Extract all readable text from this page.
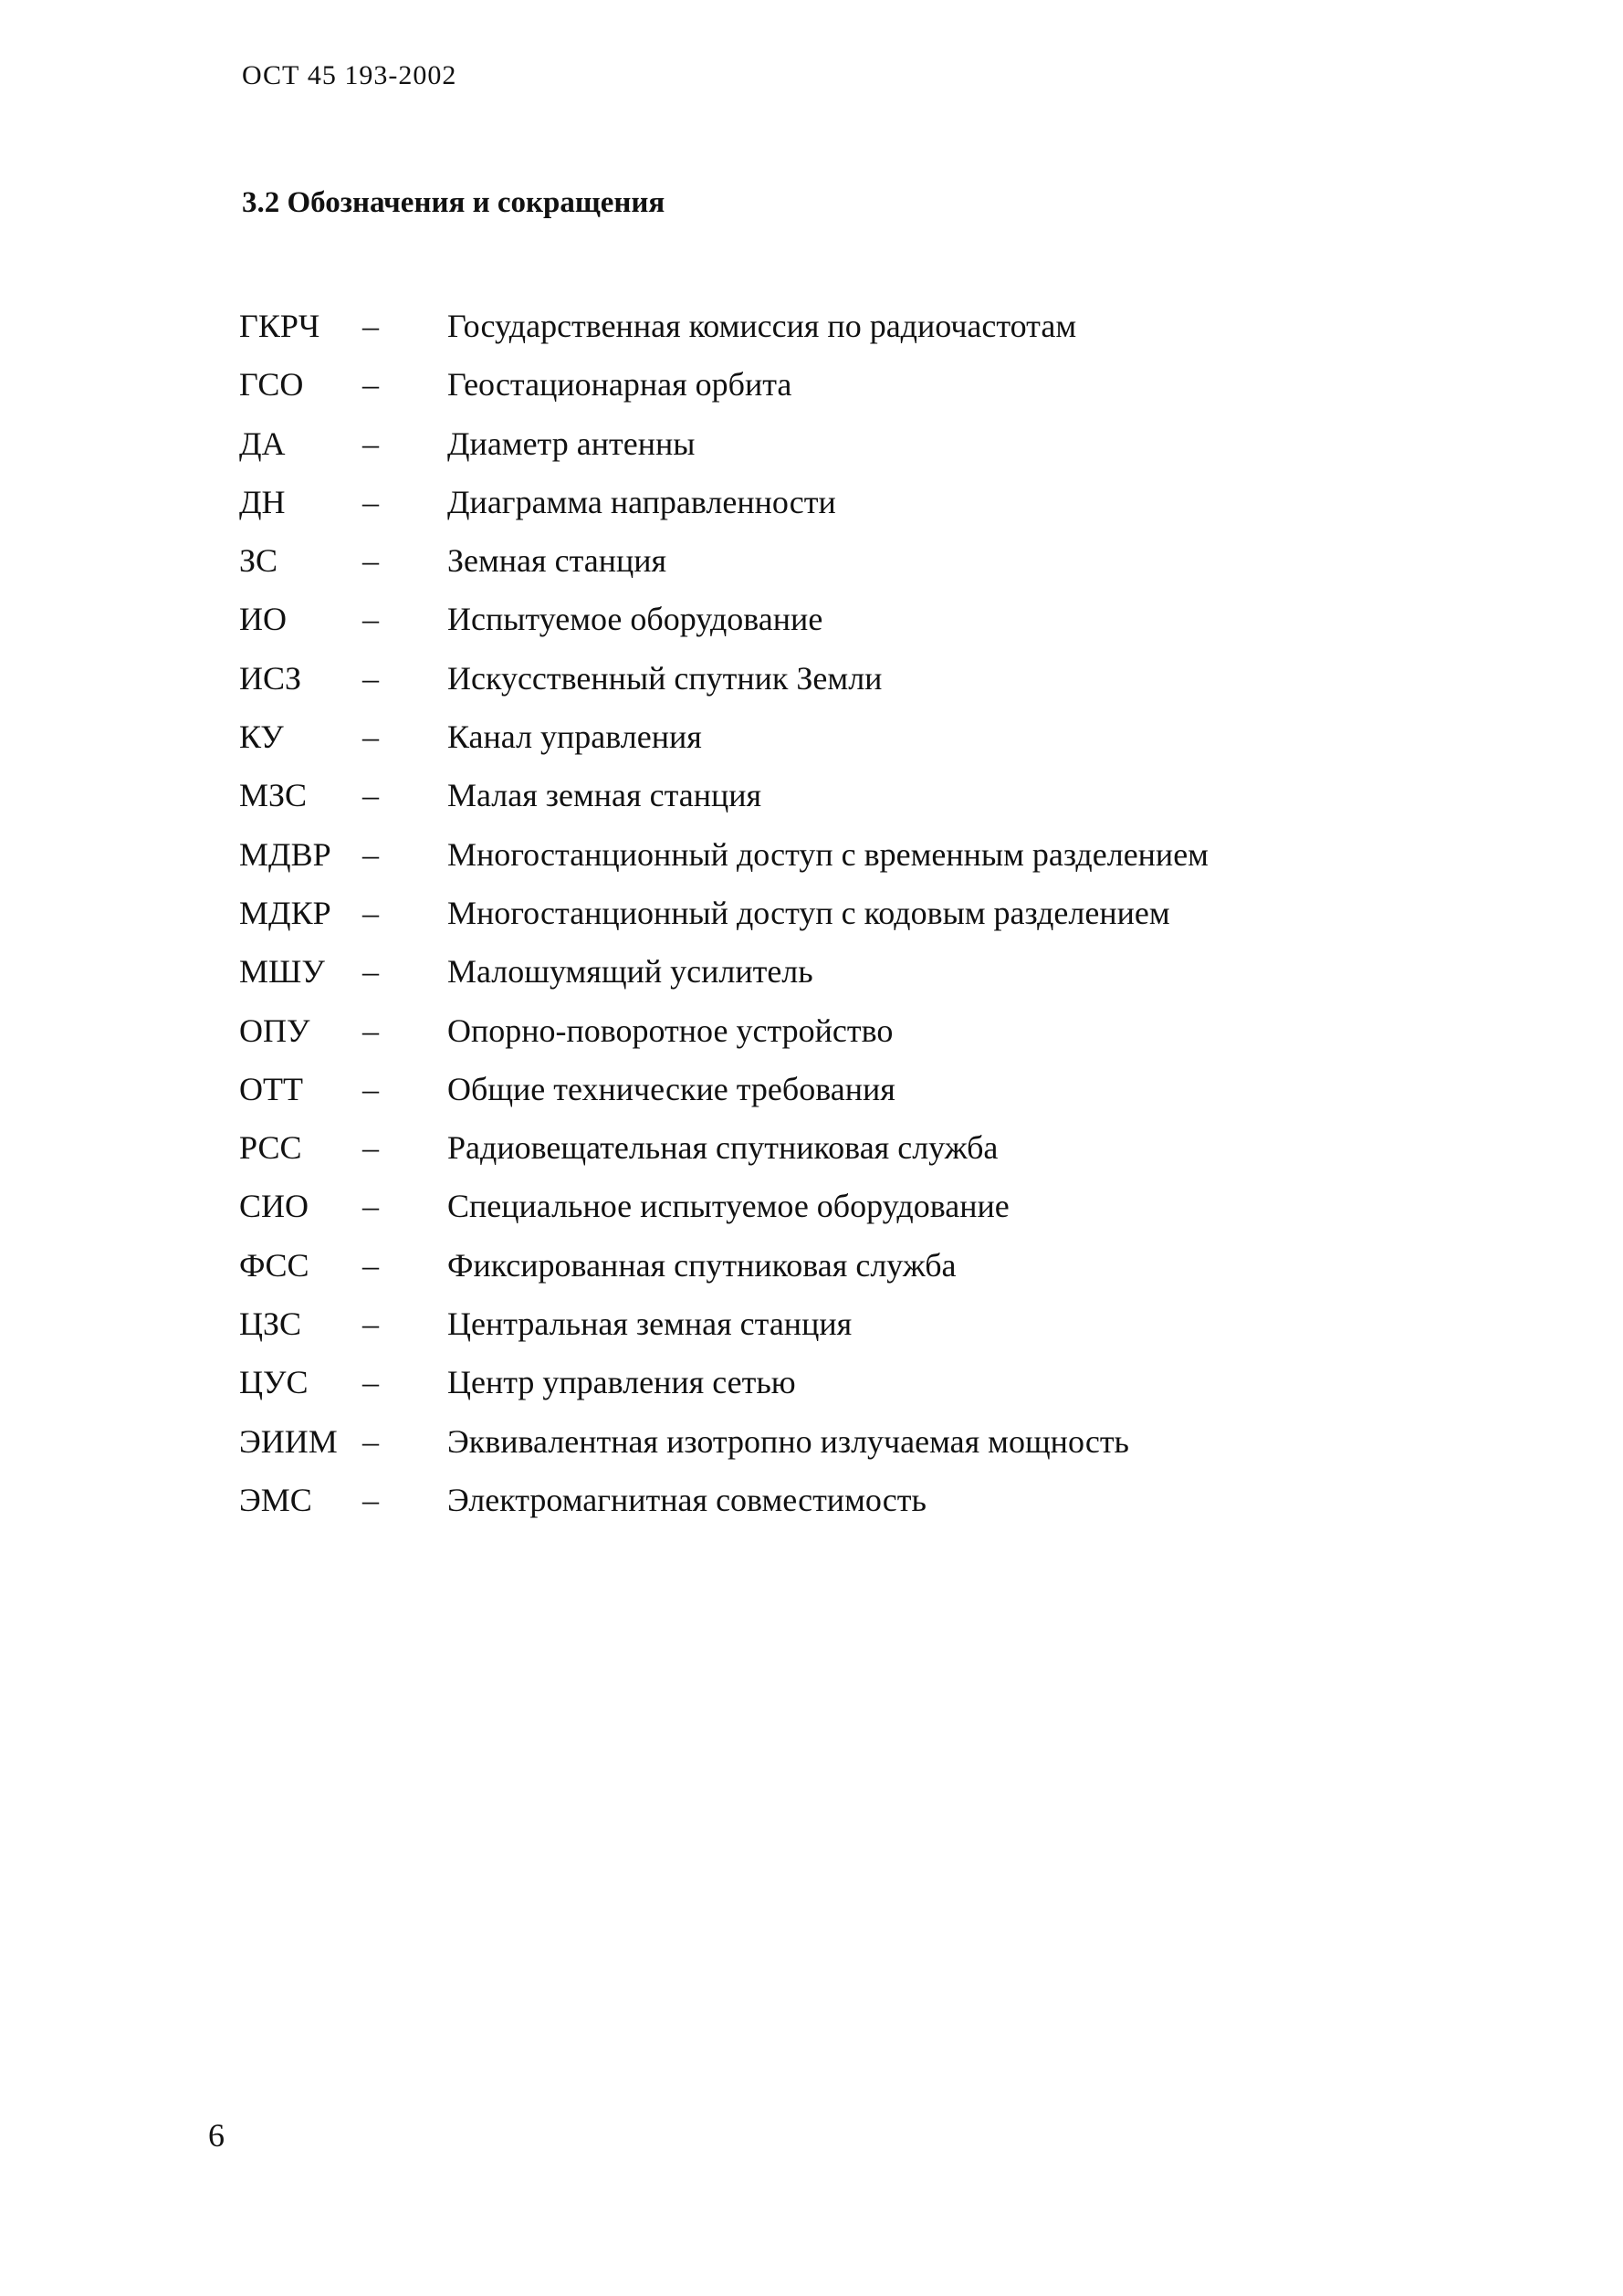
ОСТ 45 193-2002
3.2 Обозначения и сокращения
ГКРЧ	–	Государственная комиссия по радиочастотам
ГСО	–	Геостационарная орбита
ДА	–	Диаметр антенны
ДН	–	Диаграмма направленности
ЗС	–	Земная станция
ИО	–	Испытуемое оборудование
ИСЗ	–	Искусственный спутник Земли
КУ	–	Канал управления
МЗС	–	Малая земная станция
МДВР –	Многостанционный доступ с временным разделением
МДКР –	Многостанционный доступ с кодовым разделением
МШУ	–	Малошумящий усилитель
ОПУ	–	Опорно-поворотное устройство
ОТТ	–	Общие технические требования
РСС	–	Радиовещательная спутниковая служба
СИО	–	Специальное испытуемое оборудование
ФСС	–	Фиксированная спутниковая служба
ЦЗС	–	Центральная земная станция
ЦУС	–	Центр управления сетью
ЭИИМ –	Эквивалентная изотропно излучаемая мощность
ЭМС	–	Электромагнитная совместимость
6
